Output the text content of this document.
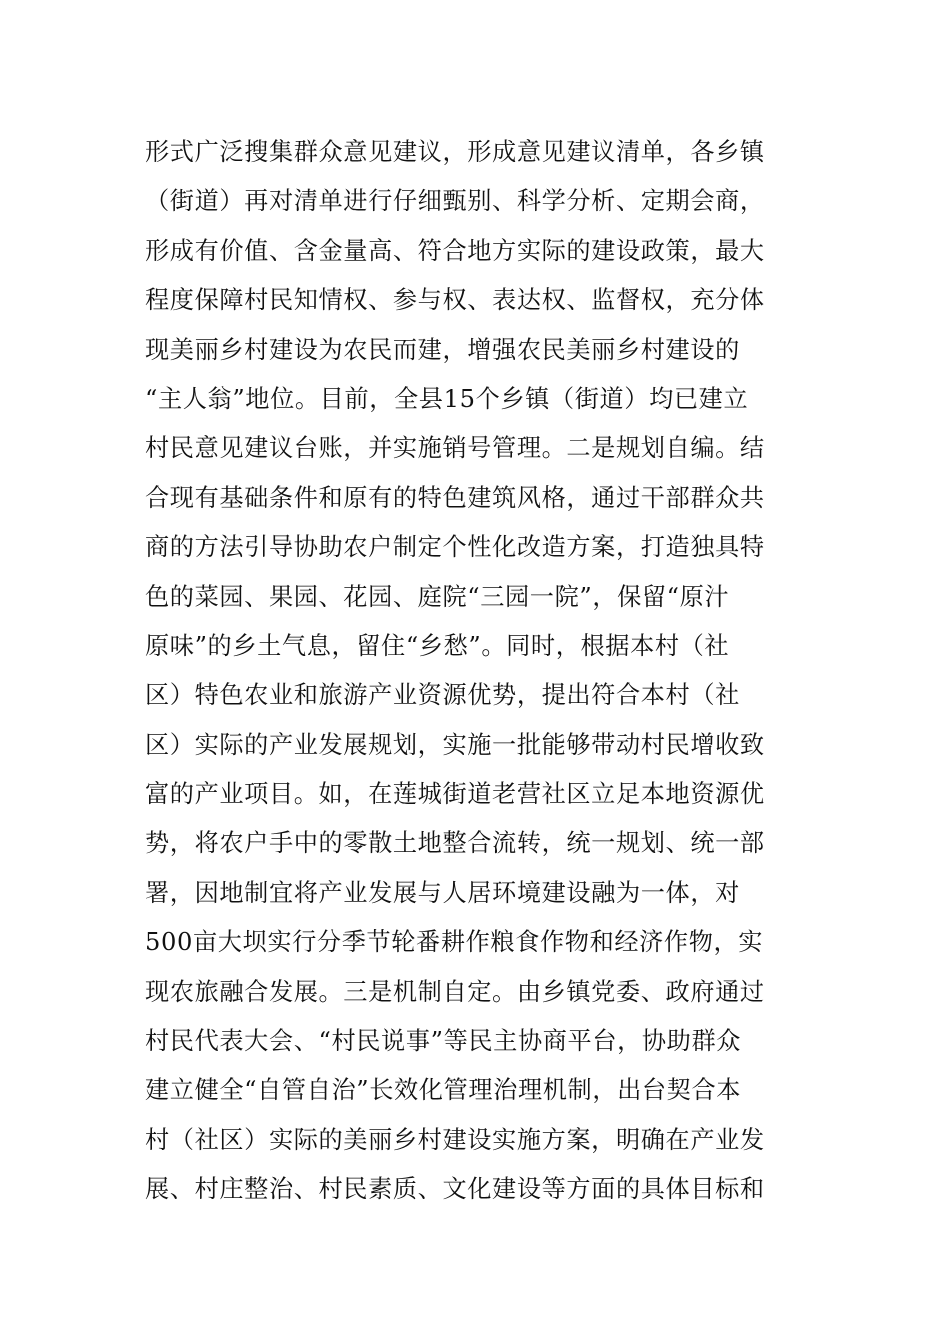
形式广泛搜集群众意见建议，形成意见建议清单，各乡镇
（街道）再对清单进行仔细甄别、科学分析、定期会商，
形成有价值、含金量高、符合地方实际的建设政策，最大
程度保障村民知情权、参与权、表达权、监督权，充分体
现美丽乡村建设为农民而建，增强农民美丽乡村建设的
“主人翁”地位。目前，全县15个乡镇（街道）均已建立
村民意见建议台账，并实施销号管理。二是规划自编。结
合现有基础条件和原有的特色建筑风格，通过干部群众共
商的方法引导协助农户制定个性化改造方案，打造独具特
色的菜园、果园、花园、庭院“三园一院”，保留“原汁
原味”的乡土气息，留住“乡愁”。同时，根据本村（社
区）特色农业和旅游产业资源优势，提出符合本村（社
区）实际的产业发展规划，实施一批能够带动村民增收致
富的产业项目。如，在莲城街道老营社区立足本地资源优
势，将农户手中的零散土地整合流转，统一规划、统一部
署，因地制宜将产业发展与人居环境建设融为一体，对
500亩大坝实行分季节轮番耕作粮食作物和经济作物，实
现农旅融合发展。三是机制自定。由乡镇党委、政府通过
村民代表大会、“村民说事”等民主协商平台，协助群众
建立健全“自管自治”长效化管理治理机制，出台契合本
村（社区）实际的美丽乡村建设实施方案，明确在产业发
展、村庄整治、村民素质、文化建设等方面的具体目标和
